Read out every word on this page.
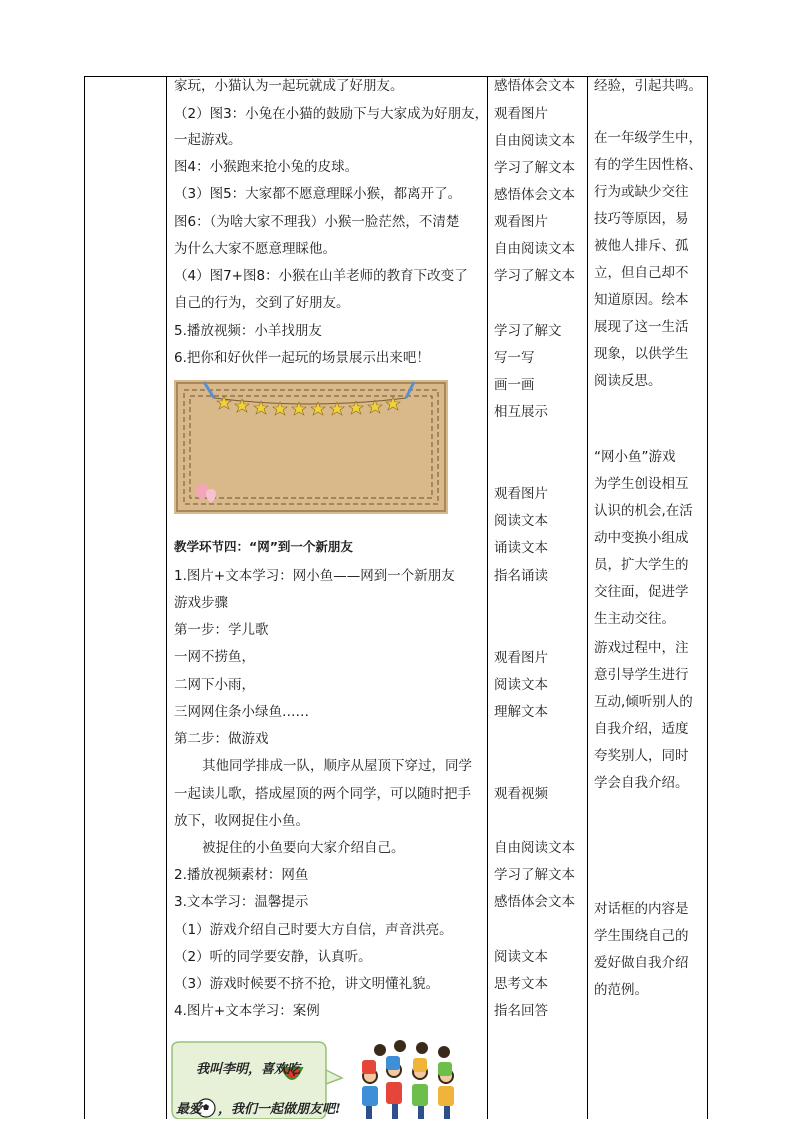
家玩，小猫认为一起玩就成了好朋友。
（2）图3：小兔在小猫的鼓励下与大家成为好朋友，
一起游戏。
图4：小猴跑来抢小兔的皮球。
（3）图5：大家都不愿意理睬小猴，都离开了。
图6：（为啥大家不理我）小猴一脸茫然，不清楚
为什么大家不愿意理睬他。
（4）图7+图8：小猴在山羊老师的教育下改变了
自己的行为，交到了好朋友。
5.播放视频：小羊找朋友
6.把你和好伙伴一起玩的场景展示出来吧！
教学环节四：“网”到一个新朋友
1.图片+文本学习：网小鱼——网到一个新朋友
游戏步骤
第一步：学儿歌
一网不捞鱼，
二网下小雨，
三网网住条小绿鱼……
第二步：做游戏
其他同学排成一队，顺序从屋顶下穿过，同学
一起读儿歌，搭成屋顶的两个同学，可以随时把手
放下，收网捉住小鱼。
被捉住的小鱼要向大家介绍自己。
2.播放视频素材：网鱼
3.文本学习：温馨提示
（1）游戏介绍自己时要大方自信，声音洪亮。
（2）听的同学要安静，认真听。
（3）游戏时候要不挤不抢，讲文明懂礼貌。
4.图片+文本学习：案例
我叫李明，喜欢吃
最爱 ，我们一起做朋友吧!
感悟体会文本
观看图片
自由阅读文本
学习了解文本
感悟体会文本
观看图片
自由阅读文本
学习了解文本
学习了解文
写一写
画一画
相互展示
观看图片
阅读文本
诵读文本
指名诵读
观看图片
阅读文本
理解文本
观看视频
自由阅读文本
学习了解文本
感悟体会文本
阅读文本
思考文本
指名回答
经验，引起共鸣。
在一年级学生中，
有的学生因性格、
行为或缺少交往
技巧等原因，易
被他人排斥、孤
立，但自己却不
知道原因。绘本
展现了这一生活
现象，以供学生
阅读反思。
“网小鱼”游戏
为学生创设相互
认识的机会,在活
动中变换小组成
员，扩大学生的
交往面，促进学
生主动交往。
游戏过程中，注
意引导学生进行
互动,倾听别人的
自我介绍，适度
夸奖别人，同时
学会自我介绍。
对话框的内容是
学生围绕自己的
爱好做自我介绍
的范例。
